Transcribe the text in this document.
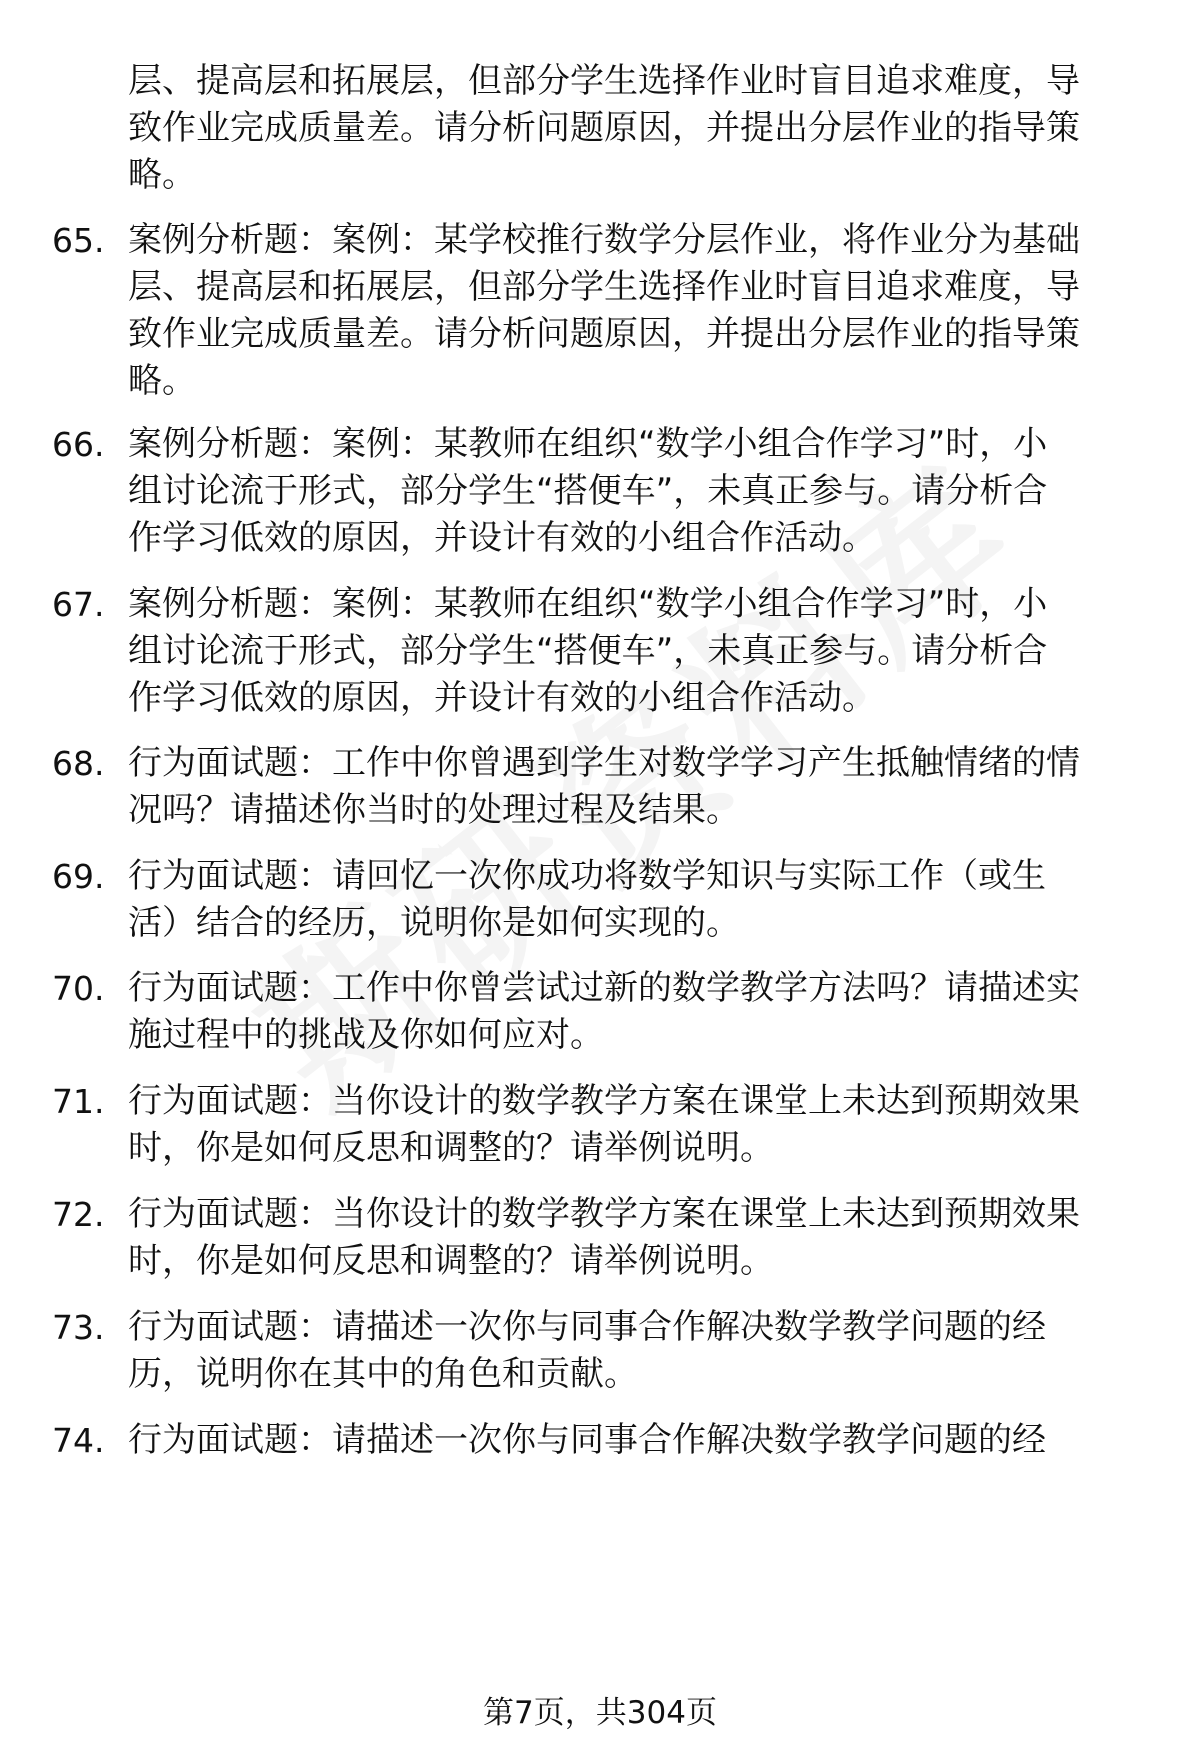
层、提高层和拓展层，但部分学生选择作业时盲目追求难度，导
致作业完成质量差。请分析问题原因，并提出分层作业的指导策
略。
65. 案例分析题：案例：某学校推行数学分层作业，将作业分为基础
层、提高层和拓展层，但部分学生选择作业时盲目追求难度，导
致作业完成质量差。请分析问题原因，并提出分层作业的指导策
略。
66. 案例分析题：案例：某教师在组织“数学小组合作学习”时，小
组讨论流于形式，部分学生“搭便车”，未真正参与。请分析合
作学习低效的原因，并设计有效的小组合作活动。
67. 案例分析题：案例：某教师在组织“数学小组合作学习”时，小
组讨论流于形式，部分学生“搭便车”，未真正参与。请分析合
作学习低效的原因，并设计有效的小组合作活动。
68. 行为面试题：工作中你曾遇到学生对数学学习产生抵触情绪的情
况吗？请描述你当时的处理过程及结果。
69. 行为面试题：请回忆一次你成功将数学知识与实际工作（或生
活）结合的经历，说明你是如何实现的。
70. 行为面试题：工作中你曾尝试过新的数学教学方法吗？请描述实
施过程中的挑战及你如何应对。
71. 行为面试题：当你设计的数学教学方案在课堂上未达到预期效果
时，你是如何反思和调整的？请举例说明。
72. 行为面试题：当你设计的数学教学方案在课堂上未达到预期效果
时，你是如何反思和调整的？请举例说明。
73. 行为面试题：请描述一次你与同事合作解决数学教学问题的经
历，说明你在其中的角色和贡献。
74. 行为面试题：请描述一次你与同事合作解决数学教学问题的经
第7页，共304页
